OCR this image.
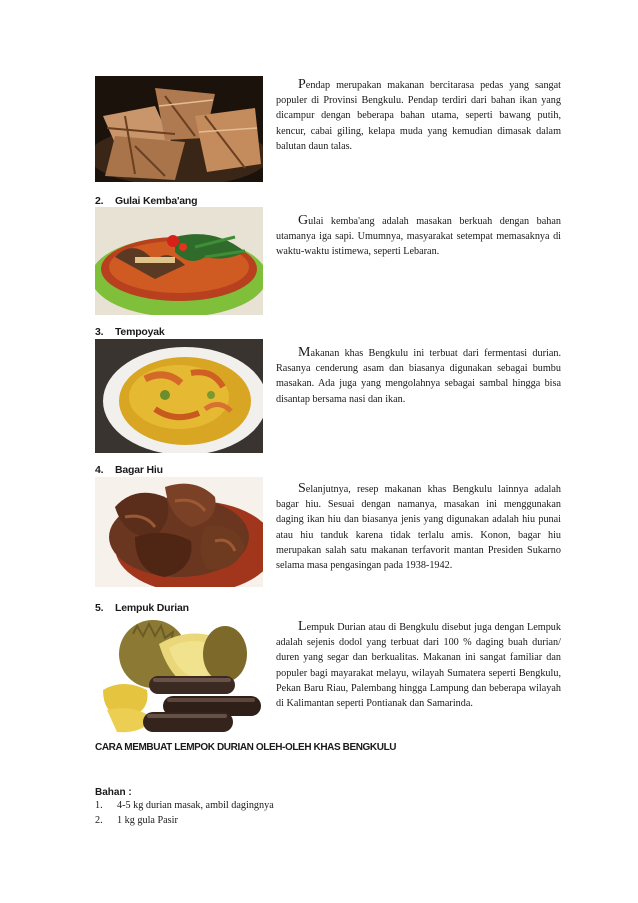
Pendap merupakan makanan bercitarasa pedas yang sangat populer di Provinsi Bengkulu. Pendap terdiri dari bahan ikan yang dicampur dengan beberapa bahan utama, seperti bawang putih, kencur, cabai giling, kelapa muda yang kemudian dimasak dalam balutan daun talas.
2. Gulai Kemba'ang
Gulai kemba'ang adalah masakan berkuah dengan bahan utamanya iga sapi. Umumnya, masyarakat setempat memasaknya di waktu-waktu istimewa, seperti Lebaran.
3. Tempoyak
Makanan khas Bengkulu ini terbuat dari fermentasi durian. Rasanya cenderung asam dan biasanya digunakan sebagai bumbu masakan. Ada juga yang mengolahnya sebagai sambal hingga bisa disantap bersama nasi dan ikan.
4. Bagar Hiu
Selanjutnya, resep makanan khas Bengkulu lainnya adalah bagar hiu. Sesuai dengan namanya, masakan ini menggunakan daging ikan hiu dan biasanya jenis yang digunakan adalah hiu punai atau hiu tanduk karena tidak terlalu amis. Konon, bagar hiu merupakan salah satu makanan terfavorit mantan Presiden Sukarno selama masa pengasingan pada 1938-1942.
5. Lempuk Durian
Lempuk Durian atau di Bengkulu disebut juga dengan Lempuk adalah sejenis dodol yang terbuat dari 100 % daging buah durian/ duren yang segar dan berkualitas. Makanan ini sangat familiar dan populer bagi mayarakat melayu, wilayah Sumatera seperti Bengkulu, Pekan Baru Riau, Palembang hingga Lampung dan beberapa wilayah di Kalimantan seperti Pontianak dan Samarinda.
CARA MEMBUAT LEMPOK DURIAN OLEH-OLEH KHAS BENGKULU
Bahan :
1. 4-5 kg durian masak, ambil dagingnya
2. 1 kg gula Pasir
